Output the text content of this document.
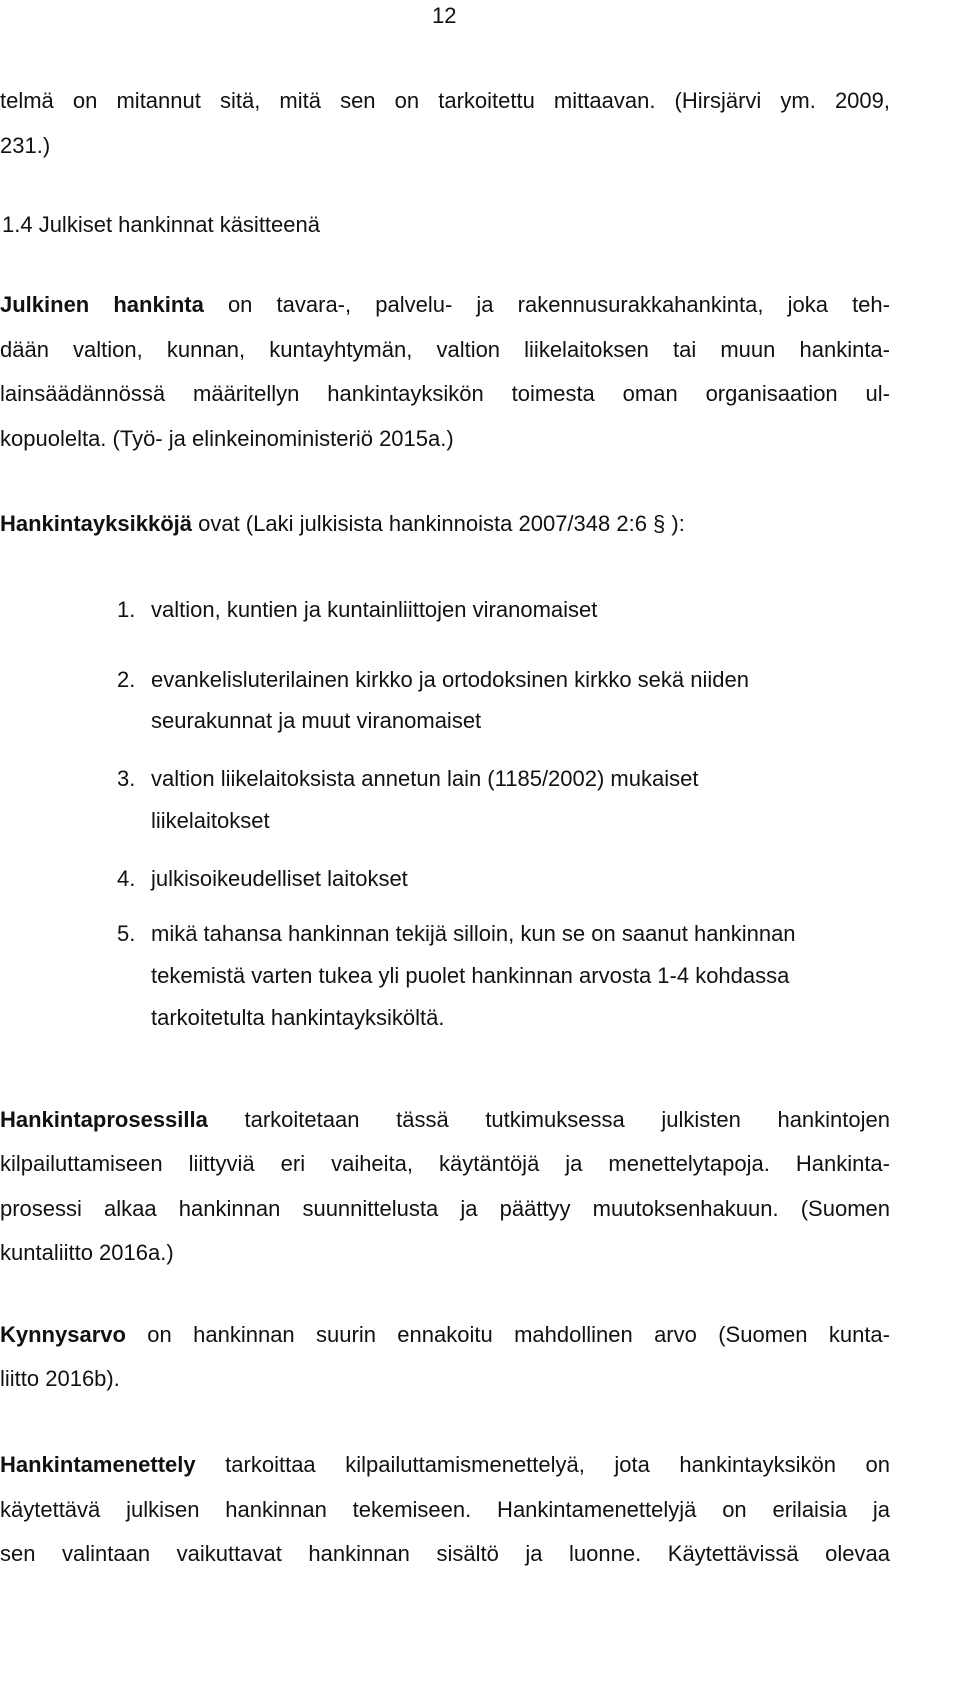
12
telmä on mitannut sitä, mitä sen on tarkoitettu mittaavan. (Hirsjärvi ym. 2009,
231.)
1.4 Julkiset hankinnat käsitteenä
Julkinen hankinta on tavara-, palvelu- ja rakennusurakkahankinta, joka teh-
dään valtion, kunnan, kuntayhtymän, valtion liikelaitoksen tai muun hankinta-
lainsäädännössä määritellyn hankintayksikön toimesta oman organisaation ul-
kopuolelta. (Työ- ja elinkeinoministeriö 2015a.)
Hankintayksikköjä ovat (Laki julkisista hankinnoista 2007/348 2:6 § ):
1. valtion, kuntien ja kuntainliittojen viranomaiset
2. evankelisluterilainen kirkko ja ortodoksinen kirkko sekä niiden
seurakunnat ja muut viranomaiset
3. valtion liikelaitoksista annetun lain (1185/2002) mukaiset
liikelaitokset
4. julkisoikeudelliset laitokset
5. mikä tahansa hankinnan tekijä silloin, kun se on saanut hankinnan
tekemistä varten tukea yli puolet hankinnan arvosta 1-4 kohdassa
tarkoitetulta hankintayksiköltä.
Hankintaprosessilla tarkoitetaan tässä tutkimuksessa julkisten hankintojen
kilpailuttamiseen liittyviä eri vaiheita, käytäntöjä ja menettelytapoja. Hankinta-
prosessi alkaa hankinnan suunnittelusta ja päättyy muutoksenhakuun. (Suomen
kuntaliitto 2016a.)
Kynnysarvo on hankinnan suurin ennakoitu mahdollinen arvo (Suomen kunta-
liitto 2016b).
Hankintamenettely tarkoittaa kilpailuttamismenettelyä, jota hankintayksikön on
käytettävä julkisen hankinnan tekemiseen. Hankintamenettelyjä on erilaisia ja
sen valintaan vaikuttavat hankinnan sisältö ja luonne. Käytettävissä olevaa
